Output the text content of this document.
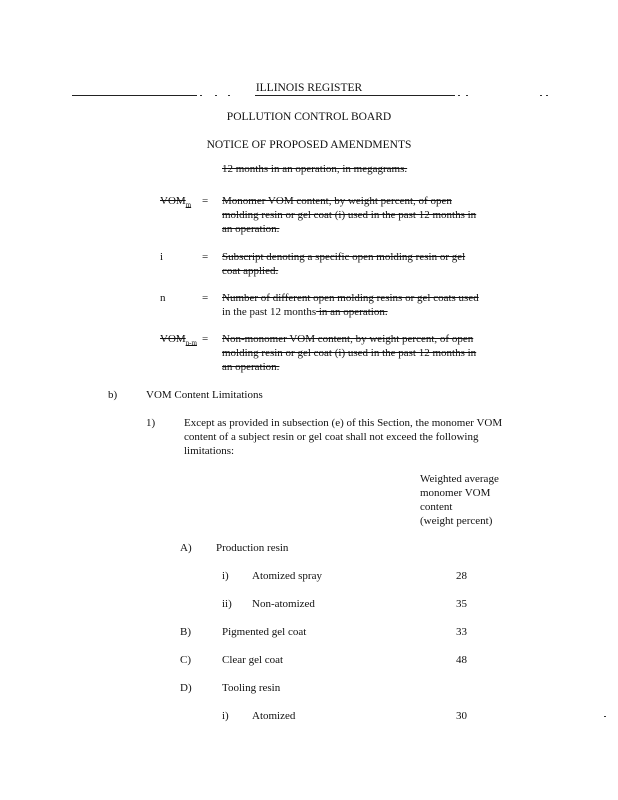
ILLINOIS REGISTER
POLLUTION CONTROL BOARD
NOTICE OF PROPOSED AMENDMENTS
12 months in an operation, in megagrams.
$VOM_m$ = Monomer VOM content, by weight percent, of open
molding resin or gel coat (i) used in the past 12 months in
an operation.
i	= Subscript denoting a specific open molding resin or gel
coat applied.
n	= Number of different open molding resins or gel coats used
in the past 12 months in an operation.
$VOM_{n-m}$ = Non-monomer VOM content, by weight percent, of open
molding resin or gel coat (i) used in the past 12 months in
an operation.
b)	VOM Content Limitations
1)	Except as provided in subsection (e) of this Section, the monomer VOM
content of a subject resin or gel coat shall not exceed the following
limitations:
Weighted average
monomer VOM
content
(weight percent)
A) Production resin
i) Atomized spray	28
ii) Non-atomized	35
B)	Pigmented gel coat	33
C)	Clear gel coat	48
D)	Tooling resin
i) Atomized	30
